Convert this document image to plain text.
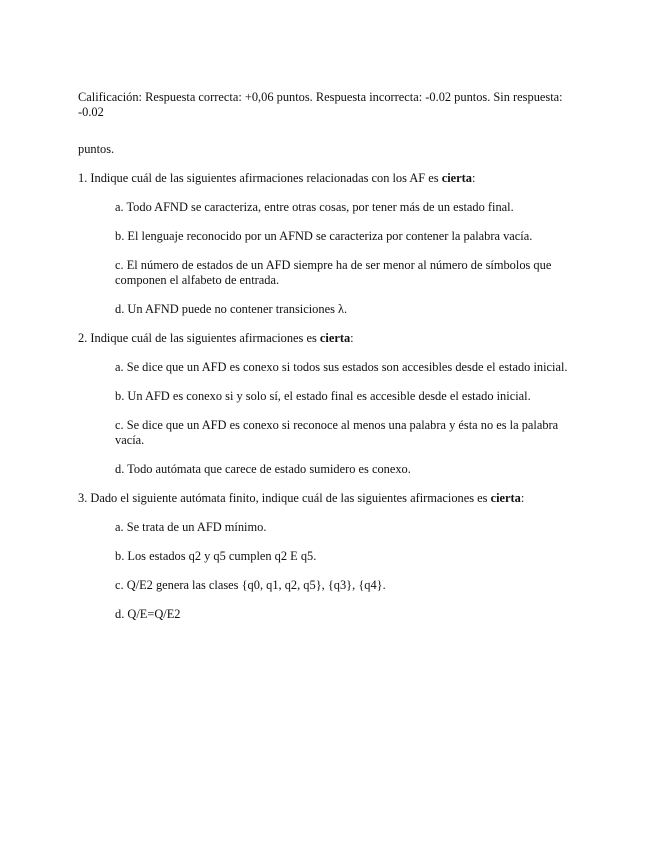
Calificación: Respuesta correcta: +0,06 puntos. Respuesta incorrecta: -0.02 puntos. Sin respuesta: -0.02

puntos.

1. Indique cuál de las siguientes afirmaciones relacionadas con los AF es cierta:

a. Todo AFND se caracteriza, entre otras cosas, por tener más de un estado final.

b. El lenguaje reconocido por un AFND se caracteriza por contener la palabra vacía.

c. El número de estados de un AFD siempre ha de ser menor al número de símbolos que componen el alfabeto de entrada.

d. Un AFND puede no contener transiciones λ.

2. Indique cuál de las siguientes afirmaciones es cierta:

a. Se dice que un AFD es conexo si todos sus estados son accesibles desde el estado inicial.

b. Un AFD es conexo si y solo sí, el estado final es accesible desde el estado inicial.

c. Se dice que un AFD es conexo si reconoce al menos una palabra y ésta no es la palabra vacía.

d. Todo autómata que carece de estado sumidero es conexo.

3. Dado el siguiente autómata finito, indique cuál de las siguientes afirmaciones es cierta:

a. Se trata de un AFD mínimo.

b. Los estados q2 y q5 cumplen q2 E q5.

c. Q/E2 genera las clases {q0, q1, q2, q5}, {q3}, {q4}.

d. Q/E=Q/E2
